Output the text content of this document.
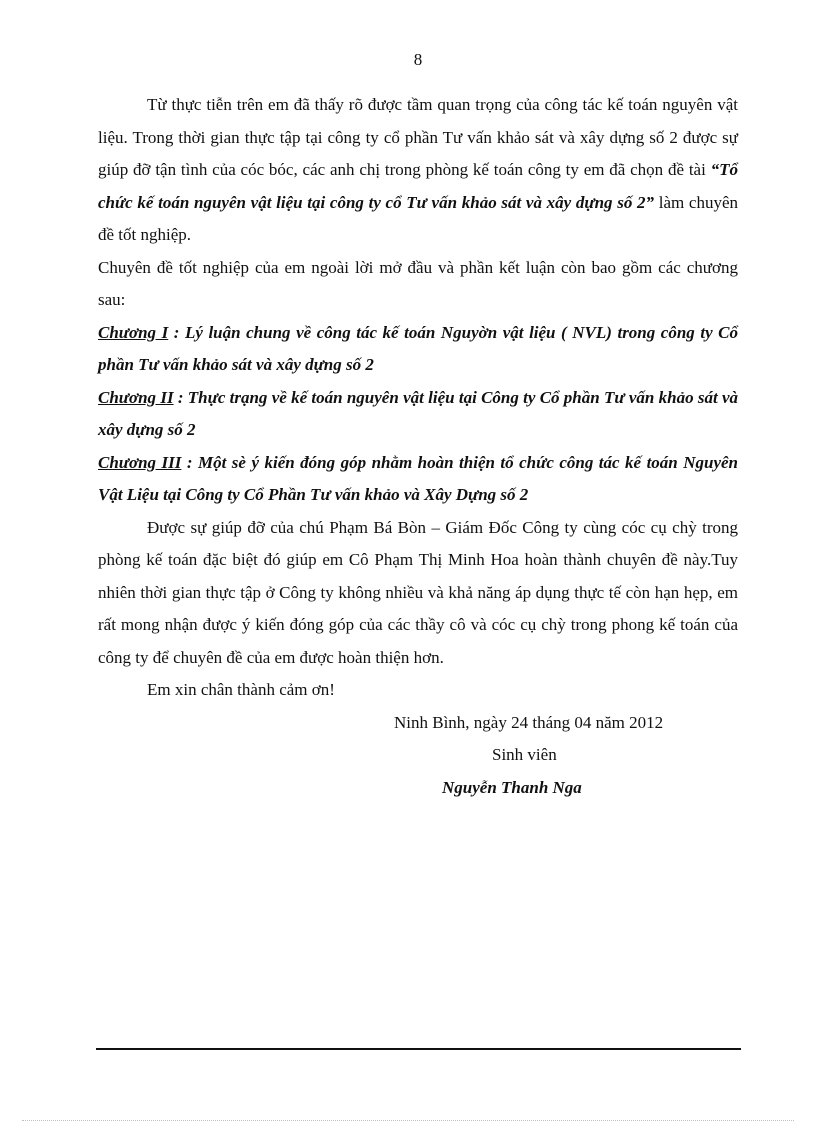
8

Từ thực tiễn trên em đã thấy rõ được tầm quan trọng của công tác kế toán nguyên vật liệu. Trong thời gian thực tập tại công ty cổ phần Tư vấn khảo sát và xây dựng số 2 được sự giúp đỡ tận tình của cóc bóc, các anh chị trong phòng kế toán công ty em đã chọn đề tài “Tổ chức kế toán nguyên vật liệu tại công ty cổ Tư vấn khảo sát và xây dựng số 2” làm chuyên đề tốt nghiệp.

Chuyên đề tốt nghiệp của em ngoài lời mở đầu và phần kết luận còn bao gồm các chương sau:

Chương I : Lý luận chung về công tác kế toán Nguyờn vật liệu ( NVL) trong công ty Cổ phần Tư vấn khảo sát và xây dựng số 2

Chương II : Thực trạng về kế toán nguyên vật liệu tại Công ty Cổ phần Tư vấn khảo sát và xây dựng số 2

Chương III : Một sè ý kiến đóng góp nhằm hoàn thiện tổ chức công tác kế toán Nguyên Vật Liệu tại Công ty Cổ Phần Tư vấn khảo và Xây Dựng số 2

Được sự giúp đỡ của chú Phạm Bá Bòn – Giám Đốc Công ty cùng cóc cụ chỳ trong phòng kế toán đặc biệt đó giúp em Cô Phạm Thị Minh Hoa hoàn thành chuyên đề này.Tuy nhiên thời gian thực tập ở Công ty không nhiều và khả năng áp dụng thực tế còn hạn hẹp, em rất mong nhận được ý kiến đóng góp của các thầy cô và cóc cụ chỳ trong phong kế toán của công ty để chuyên đề của em được hoàn thiện hơn.

Em xin chân thành cảm ơn!

Ninh Bình, ngày 24 tháng 04 năm 2012
Sinh viên
Nguyễn Thanh Nga
